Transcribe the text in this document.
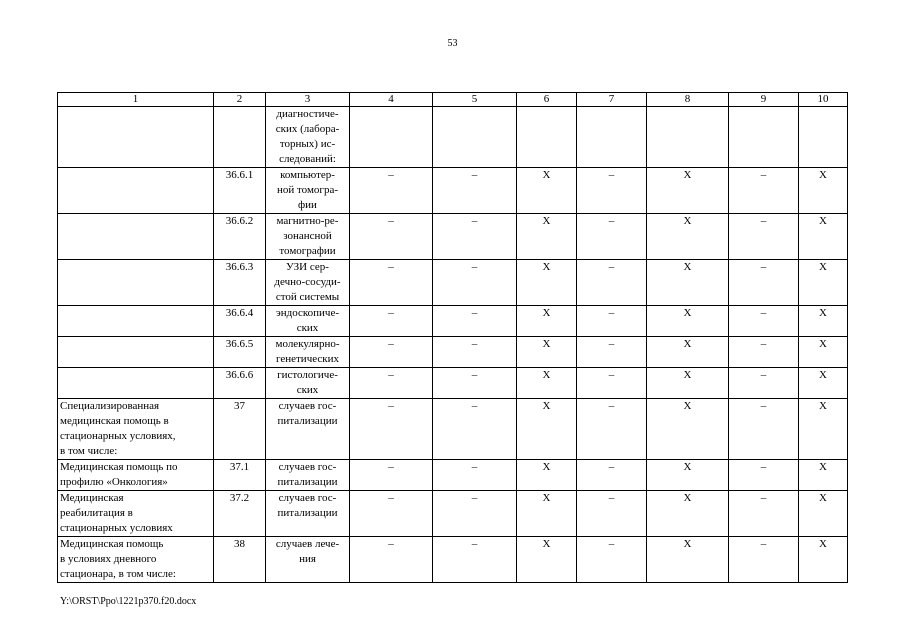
53
1	2	3	4	5	6	7	8	9	10
		диагностиче-
ских (лабора-
торных) ис-
следований:							
	36.6.1	компьютер-
ной томогра-
фии	–	–	Х	–	Х	–	Х
	36.6.2	магнитно-ре-
зонансной
томографии	–	–	Х	–	Х	–	Х
	36.6.3	УЗИ сер-
дечно-сосуди-
стой системы	–	–	Х	–	Х	–	Х
	36.6.4	эндоскопиче-
ских	–	–	Х	–	Х	–	Х
	36.6.5	молекулярно-
генетических	–	–	Х	–	Х	–	Х
	36.6.6	гистологиче-
ских	–	–	Х	–	Х	–	Х
Специализированная
медицинская помощь в
стационарных условиях,
в том числе:	37	случаев гос-
питализации	–	–	Х	–	Х	–	Х
Медицинская помощь по
профилю «Онкология»	37.1	случаев гос-
питализации	–	–	Х	–	Х	–	Х
Медицинская
реабилитация в
стационарных условиях	37.2	случаев гос-
питализации	–	–	Х	–	Х	–	Х
Медицинская помощь
в условиях дневного
стационара, в том числе:	38	случаев лече-
ния	–	–	Х	–	Х	–	Х
Y:\ORST\Ppo\1221p370.f20.docx
